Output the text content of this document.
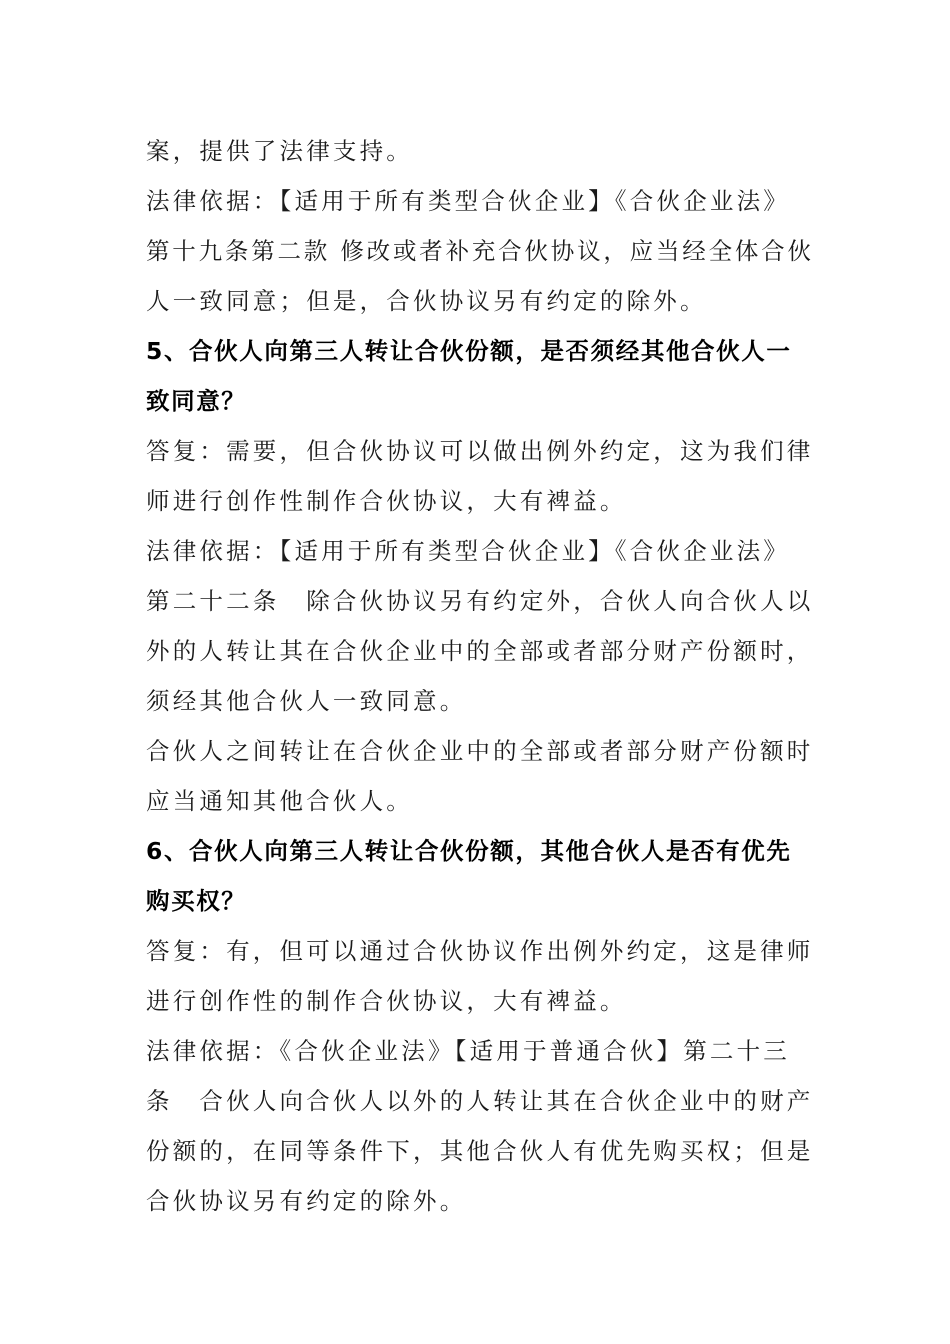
案，提供了法律支持。
法律依据：【适用于所有类型合伙企业】《合伙企业法》
第十九条第二款 修改或者补充合伙协议，应当经全体合伙
人一致同意；但是，合伙协议另有约定的除外。
5、合伙人向第三人转让合伙份额，是否须经其他合伙人一
致同意？
答复：需要，但合伙协议可以做出例外约定，这为我们律
师进行创作性制作合伙协议，大有裨益。
法律依据：【适用于所有类型合伙企业】《合伙企业法》
第二十二条　除合伙协议另有约定外，合伙人向合伙人以
外的人转让其在合伙企业中的全部或者部分财产份额时，
须经其他合伙人一致同意。
合伙人之间转让在合伙企业中的全部或者部分财产份额时
应当通知其他合伙人。
6、合伙人向第三人转让合伙份额，其他合伙人是否有优先
购买权？
答复：有，但可以通过合伙协议作出例外约定，这是律师
进行创作性的制作合伙协议，大有裨益。
法律依据：《合伙企业法》【适用于普通合伙】第二十三
条　合伙人向合伙人以外的人转让其在合伙企业中的财产
份额的，在同等条件下，其他合伙人有优先购买权；但是
合伙协议另有约定的除外。
